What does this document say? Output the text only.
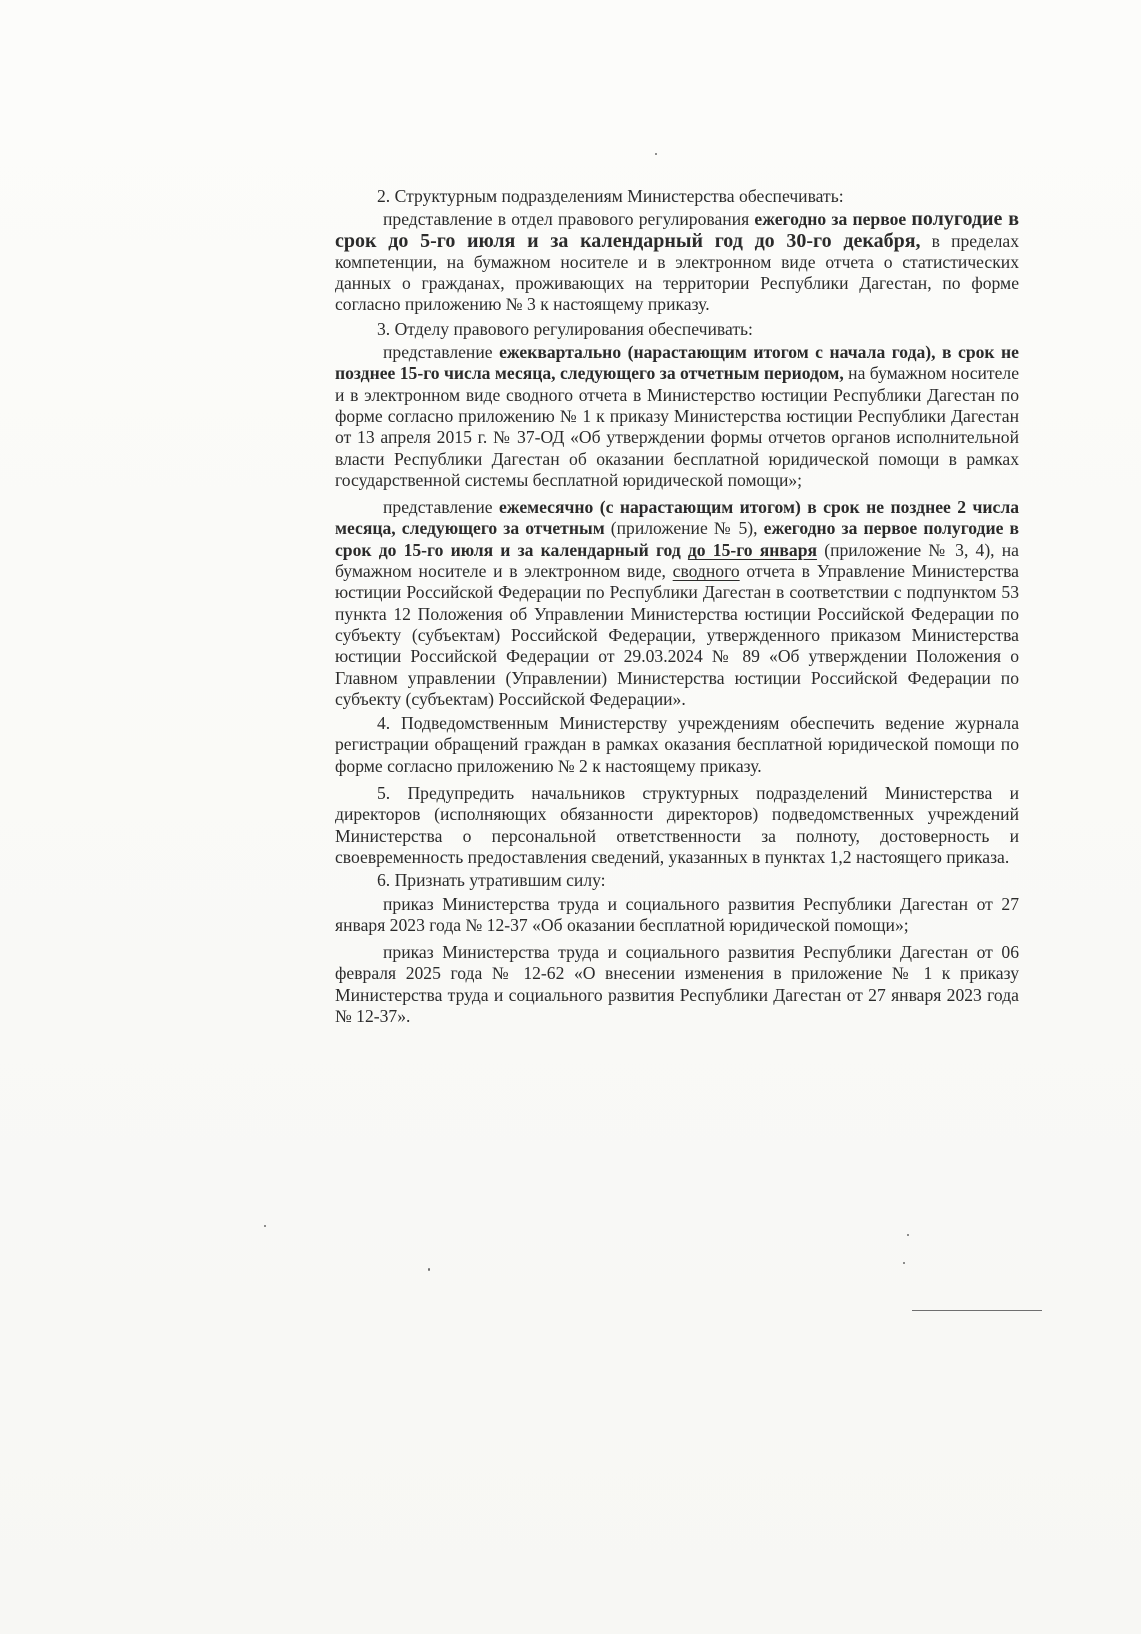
2. Структурным подразделениям Министерства обеспечивать:

представление в отдел правового регулирования ежегодно за первое полугодие в срок до 5-го июля и за календарный год до 30-го декабря, в пределах компетенции, на бумажном носителе и в электронном виде отчета о статистических данных о гражданах, проживающих на территории Республики Дагестан, по форме согласно приложению № 3 к настоящему приказу.

3. Отделу правового регулирования обеспечивать:

представление ежеквартально (нарастающим итогом с начала года), в срок не позднее 15-го числа месяца, следующего за отчетным периодом, на бумажном носителе и в электронном виде сводного отчета в Министерство юстиции Республики Дагестан по форме согласно приложению № 1 к приказу Министерства юстиции Республики Дагестан от 13 апреля 2015 г. № 37-ОД «Об утверждении формы отчетов органов исполнительной власти Республики Дагестан об оказании бесплатной юридической помощи в рамках государственной системы бесплатной юридической помощи»;

представление ежемесячно (с нарастающим итогом) в срок не позднее 2 числа месяца, следующего за отчетным (приложение № 5), ежегодно за первое полугодие в срок до 15-го июля и за календарный год до 15-го января (приложение № 3, 4), на бумажном носителе и в электронном виде, сводного отчета в Управление Министерства юстиции Российской Федерации по Республики Дагестан в соответствии с подпунктом 53 пункта 12 Положения об Управлении Министерства юстиции Российской Федерации по субъекту (субъектам) Российской Федерации, утвержденного приказом Министерства юстиции Российской Федерации от 29.03.2024 № 89 «Об утверждении Положения о Главном управлении (Управлении) Министерства юстиции Российской Федерации по субъекту (субъектам) Российской Федерации».

4. Подведомственным Министерству учреждениям обеспечить ведение журнала регистрации обращений граждан в рамках оказания бесплатной юридической помощи по форме согласно приложению № 2 к настоящему приказу.

5. Предупредить начальников структурных подразделений Министерства и директоров (исполняющих обязанности директоров) подведомственных учреждений Министерства о персональной ответственности за полноту, достоверность и своевременность предоставления сведений, указанных в пунктах 1,2 настоящего приказа.

6. Признать утратившим силу:

приказ Министерства труда и социального развития Республики Дагестан от 27 января 2023 года № 12-37 «Об оказании бесплатной юридической помощи»;

приказ Министерства труда и социального развития Республики Дагестан от 06 февраля 2025 года № 12-62 «О внесении изменения в приложение № 1 к приказу Министерства труда и социального развития Республики Дагестан от 27 января 2023 года № 12-37».
